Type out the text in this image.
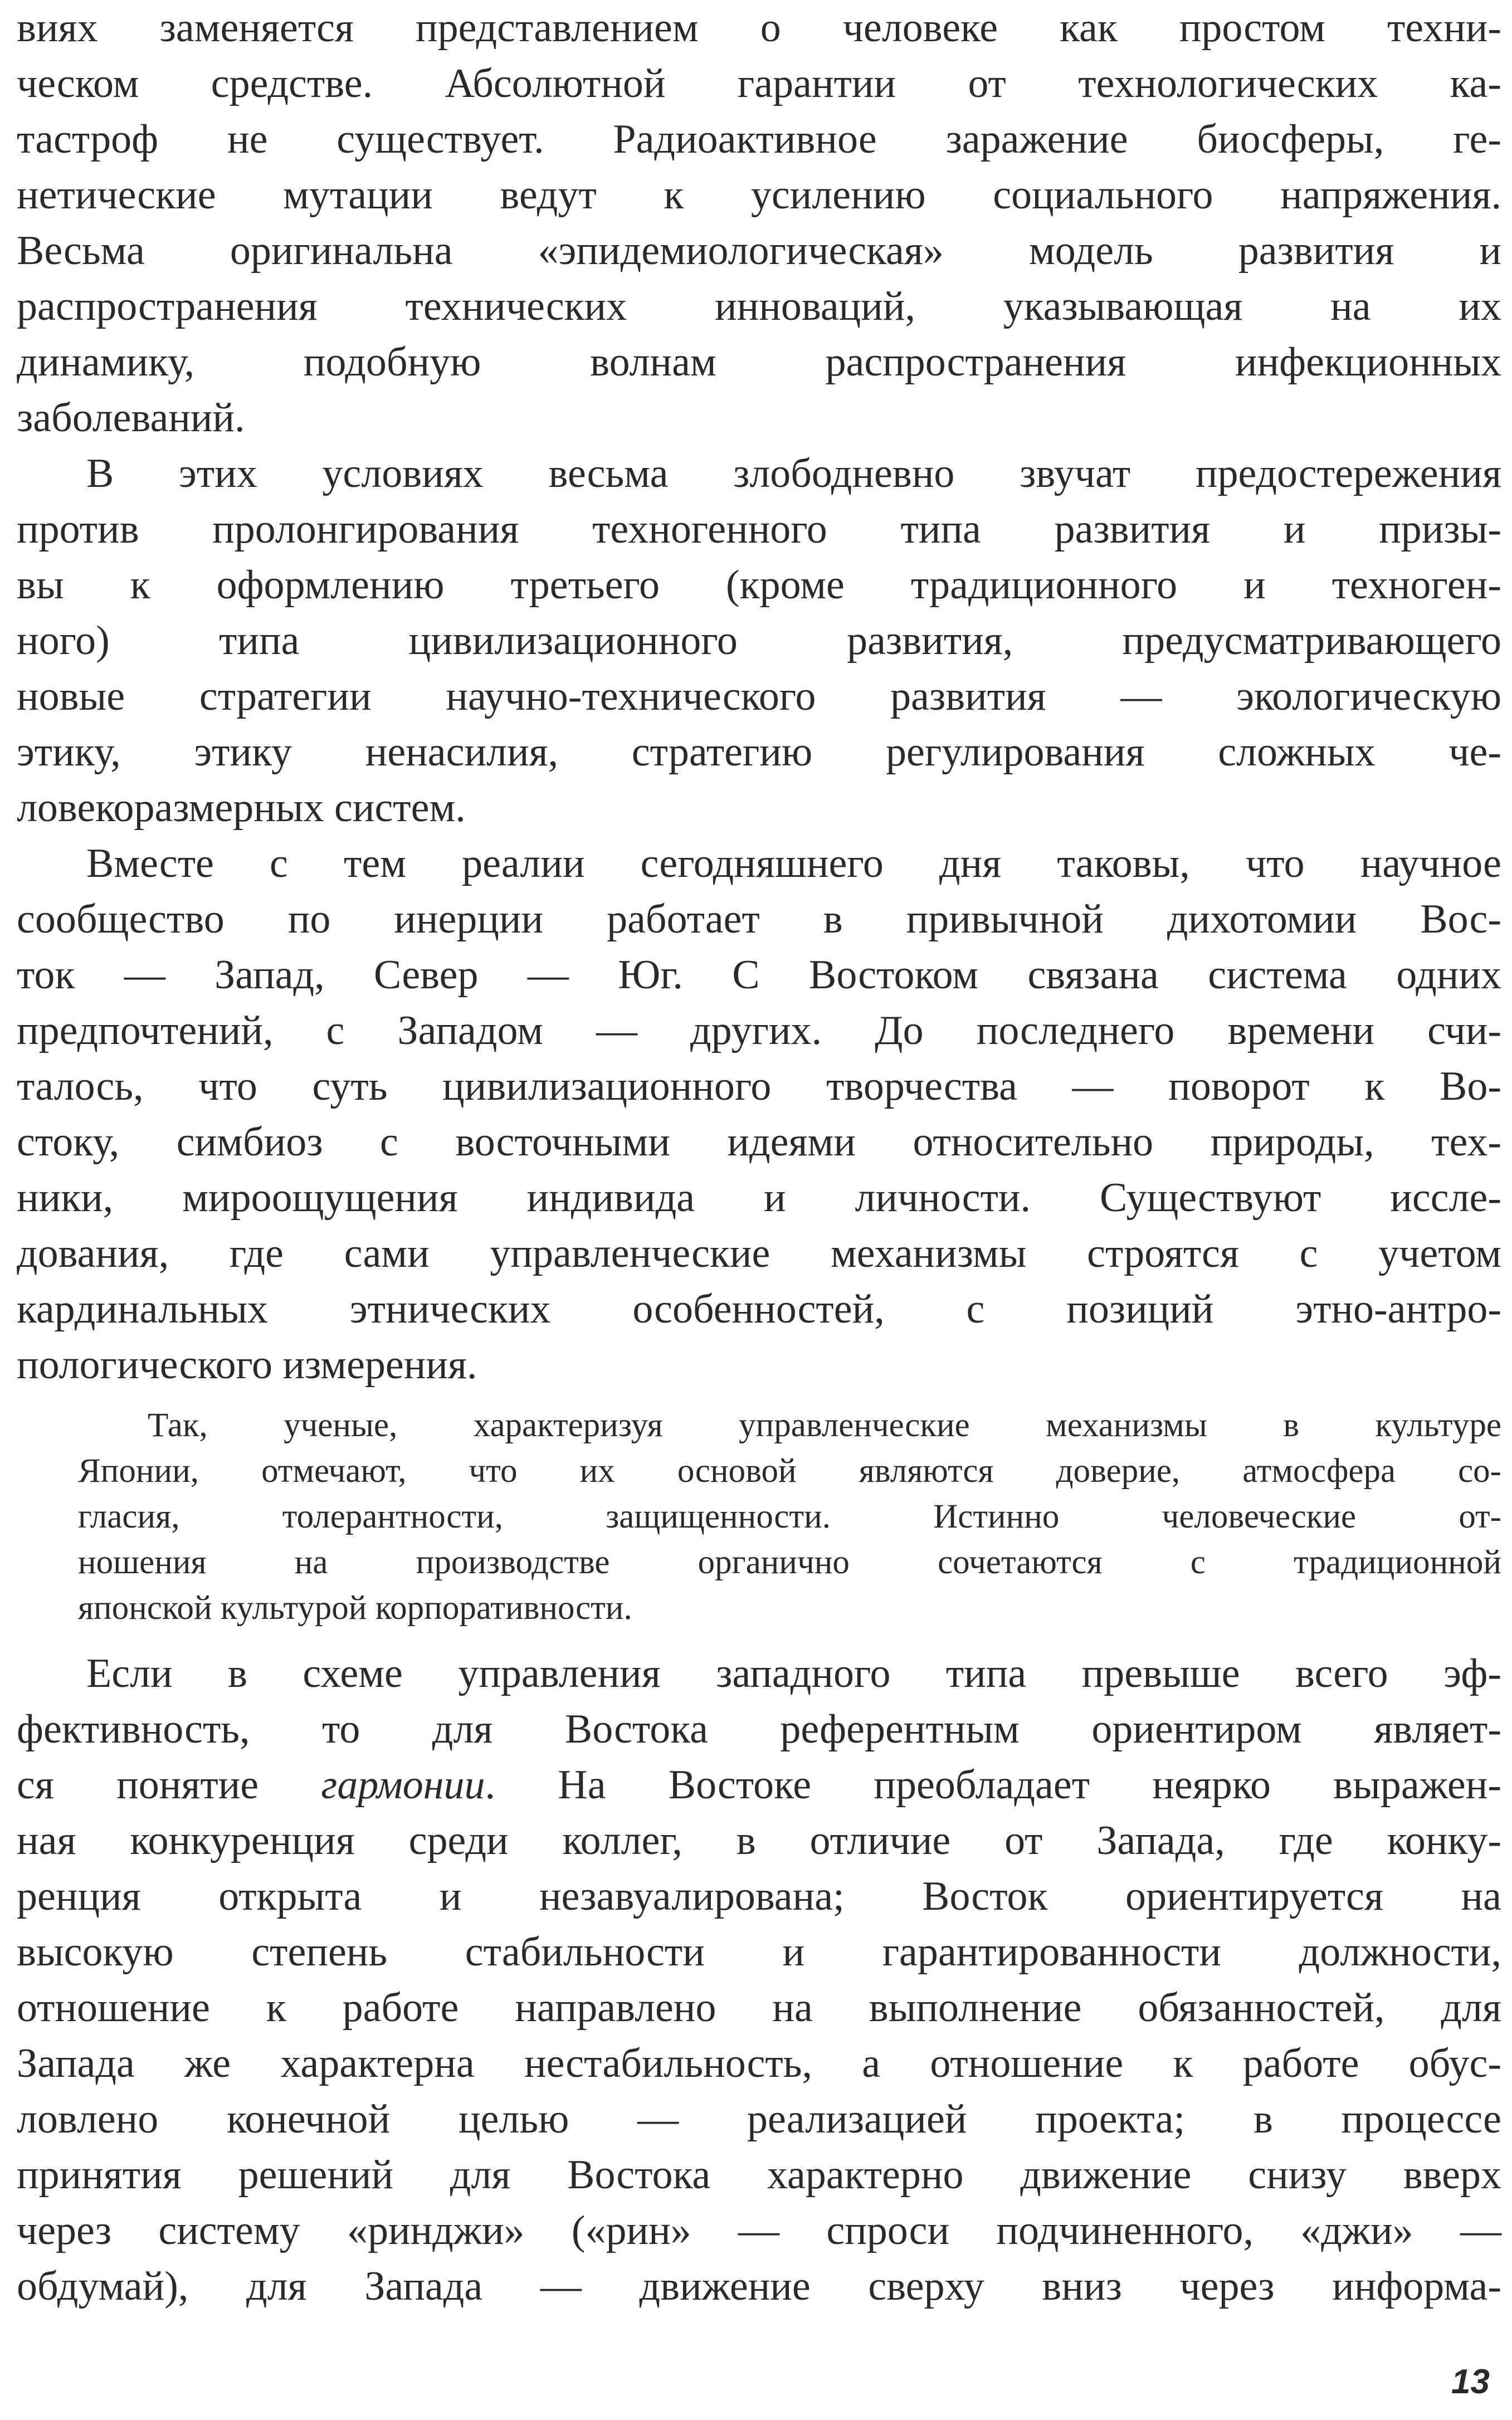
виях заменяется представлением о человеке как простом техни-
ческом средстве. Абсолютной гарантии от технологических ка-
тастроф не существует. Радиоактивное заражение биосферы, ге-
нетические мутации ведут к усилению социального напряжения.
Весьма оригинальна «эпидемиологическая» модель развития и
распространения технических инноваций, указывающая на их
динамику, подобную волнам распространения инфекционных
заболеваний.

В этих условиях весьма злободневно звучат предостережения
против пролонгирования техногенного типа развития и призы-
вы к оформлению третьего (кроме традиционного и техноген-
ного) типа цивилизационного развития, предусматривающего
новые стратегии научно-технического развития — экологическую
этику, этику ненасилия, стратегию регулирования сложных че-
ловекоразмерных систем.

Вместе с тем реалии сегодняшнего дня таковы, что научное
сообщество по инерции работает в привычной дихотомии Вос-
ток — Запад, Север — Юг. С Востоком связана система одних
предпочтений, с Западом — других. До последнего времени счи-
талось, что суть цивилизационного творчества — поворот к Во-
стоку, симбиоз с восточными идеями относительно природы, тех-
ники, мироощущения индивида и личности. Существуют иссле-
дования, где сами управленческие механизмы строятся с учетом
кардинальных этнических особенностей, с позиций этно-антро-
пологического измерения.

Так, ученые, характеризуя управленческие механизмы в культуре
Японии, отмечают, что их основой являются доверие, атмосфера со-
гласия, толерантности, защищенности. Истинно человеческие от-
ношения на производстве органично сочетаются с традиционной
японской культурой корпоративности.

Если в схеме управления западного типа превыше всего эф-
фективность, то для Востока референтным ориентиром являет-
ся понятие гармонии. На Востоке преобладает неярко выражен-
ная конкуренция среди коллег, в отличие от Запада, где конку-
ренция открыта и незавуалирована; Восток ориентируется на
высокую степень стабильности и гарантированности должности,
отношение к работе направлено на выполнение обязанностей, для
Запада же характерна нестабильность, а отношение к работе обус-
ловлено конечной целью — реализацией проекта; в процессе
принятия решений для Востока характерно движение снизу вверх
через систему «ринджи» («рин» — спроси подчиненного, «джи» —
обдумай), для Запада — движение сверху вниз через информа-

13
